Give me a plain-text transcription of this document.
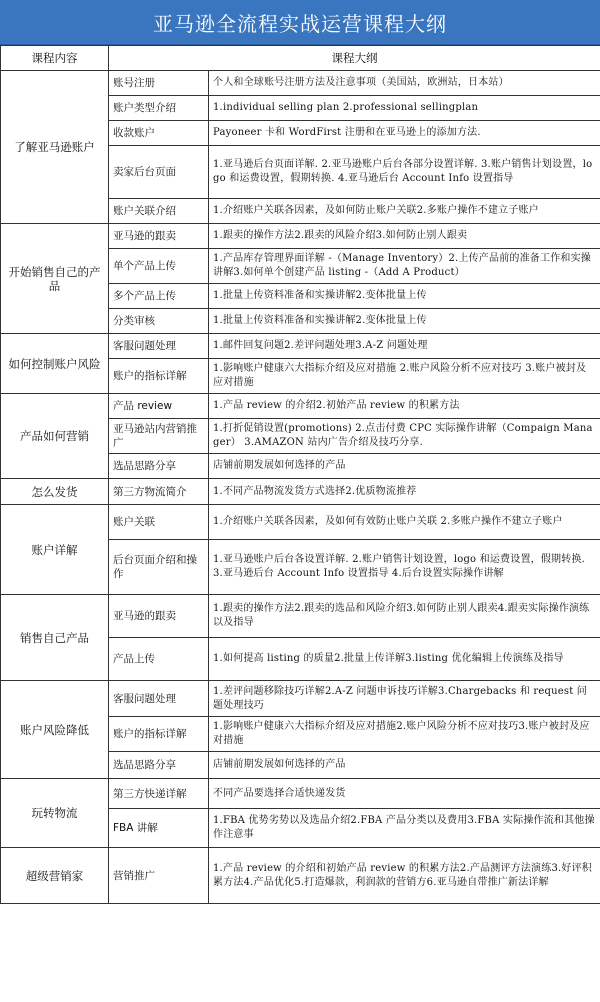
亚马逊全流程实战运营课程大纲
课程内容	课程大纲	
了解亚马逊账户	账号注册	个人和全球账号注册方法及注意事项（美国站，欧洲站，日本站）
	账户类型介绍	1.individual selling plan 2.professional sellingplan
	收款账户	Payoneer 卡和 WordFirst 注册和在亚马逊上的添加方法.
	卖家后台页面	1.亚马逊后台页面详解. 2.亚马逊账户后台各部分设置详解. 3.账户销售计划设置，logo 和运费设置，假期转换. 4.亚马逊后台 Account Info 设置指导
	账户关联介绍	1.介绍账户关联各因素，及如何防止账户关联2.多账户操作不建立子账户
开始销售自己的产品	亚马逊的跟卖	1.跟卖的操作方法2.跟卖的风险介绍3.如何防止别人跟卖
	单个产品上传	1.产品库存管理界面详解 -（Manage Inventory）2.上传产品前的准备工作和实操讲解3.如何单个创建产品 listing -（Add A Product）
	多个产品上传	1.批量上传资料准备和实操讲解2.变体批量上传
	分类审核	1.批量上传资料准备和实操讲解2.变体批量上传
如何控制账户风险	客服问题处理	1.邮件回复问题2.差评问题处理3.A-Z 问题处理
	账户的指标详解	1.影响账户健康六大指标介绍及应对措施 2.账户风险分析不应对技巧 3.账户被封及应对措施
产品如何营销	产品 review	1.产品 review 的介绍2.初始产品 review 的积累方法
	亚马逊站内营销推广	1.打折促销设置(promotions) 2.点击付费 CPC 实际操作讲解（Compaign Manager） 3.AMAZON 站内广告介绍及技巧分享.
	选品思路分享	店铺前期发展如何选择的产品
怎么发货	第三方物流简介	1.不同产品物流发货方式选择2.优质物流推荐
账户详解	账户关联	1.介绍账户关联各因素，及如何有效防止账户关联 2.多账户操作不建立子账户
	后台页面介绍和操作	1.亚马逊账户后台各设置详解. 2.账户销售计划设置，logo 和运费设置，假期转换. 3.亚马逊后台 Account Info 设置指导 4.后台设置实际操作讲解
销售自己产品	亚马逊的跟卖	1.跟卖的操作方法2.跟卖的选品和风险介绍3.如何防止别人跟卖4.跟卖实际操作演练以及指导
	产品上传	1.如何提高 listing 的质量2.批量上传详解3.listing 优化编辑上传演练及指导
账户风险降低	客服问题处理	1.差评问题移除技巧详解2.A-Z 问题申诉技巧详解3.Chargebacks 和 request 问题处理技巧
	账户的指标详解	1.影响账户健康六大指标介绍及应对措施2.账户风险分析不应对技巧3.账户被封及应对措施
	选品思路分享	店铺前期发展如何选择的产品
玩转物流	第三方快递详解	不同产品要选择合适快递发货
	FBA 讲解	1.FBA 优势劣势以及选品介绍2.FBA 产品分类以及费用3.FBA 实际操作流和其他操作注意事
超级营销家	营销推广	1.产品 review 的介绍和初始产品 review 的积累方法2.产品测评方法演练3.好评积累方法4.产品优化5.打造爆款，利润款的营销方6.亚马逊自带推广新法详解
